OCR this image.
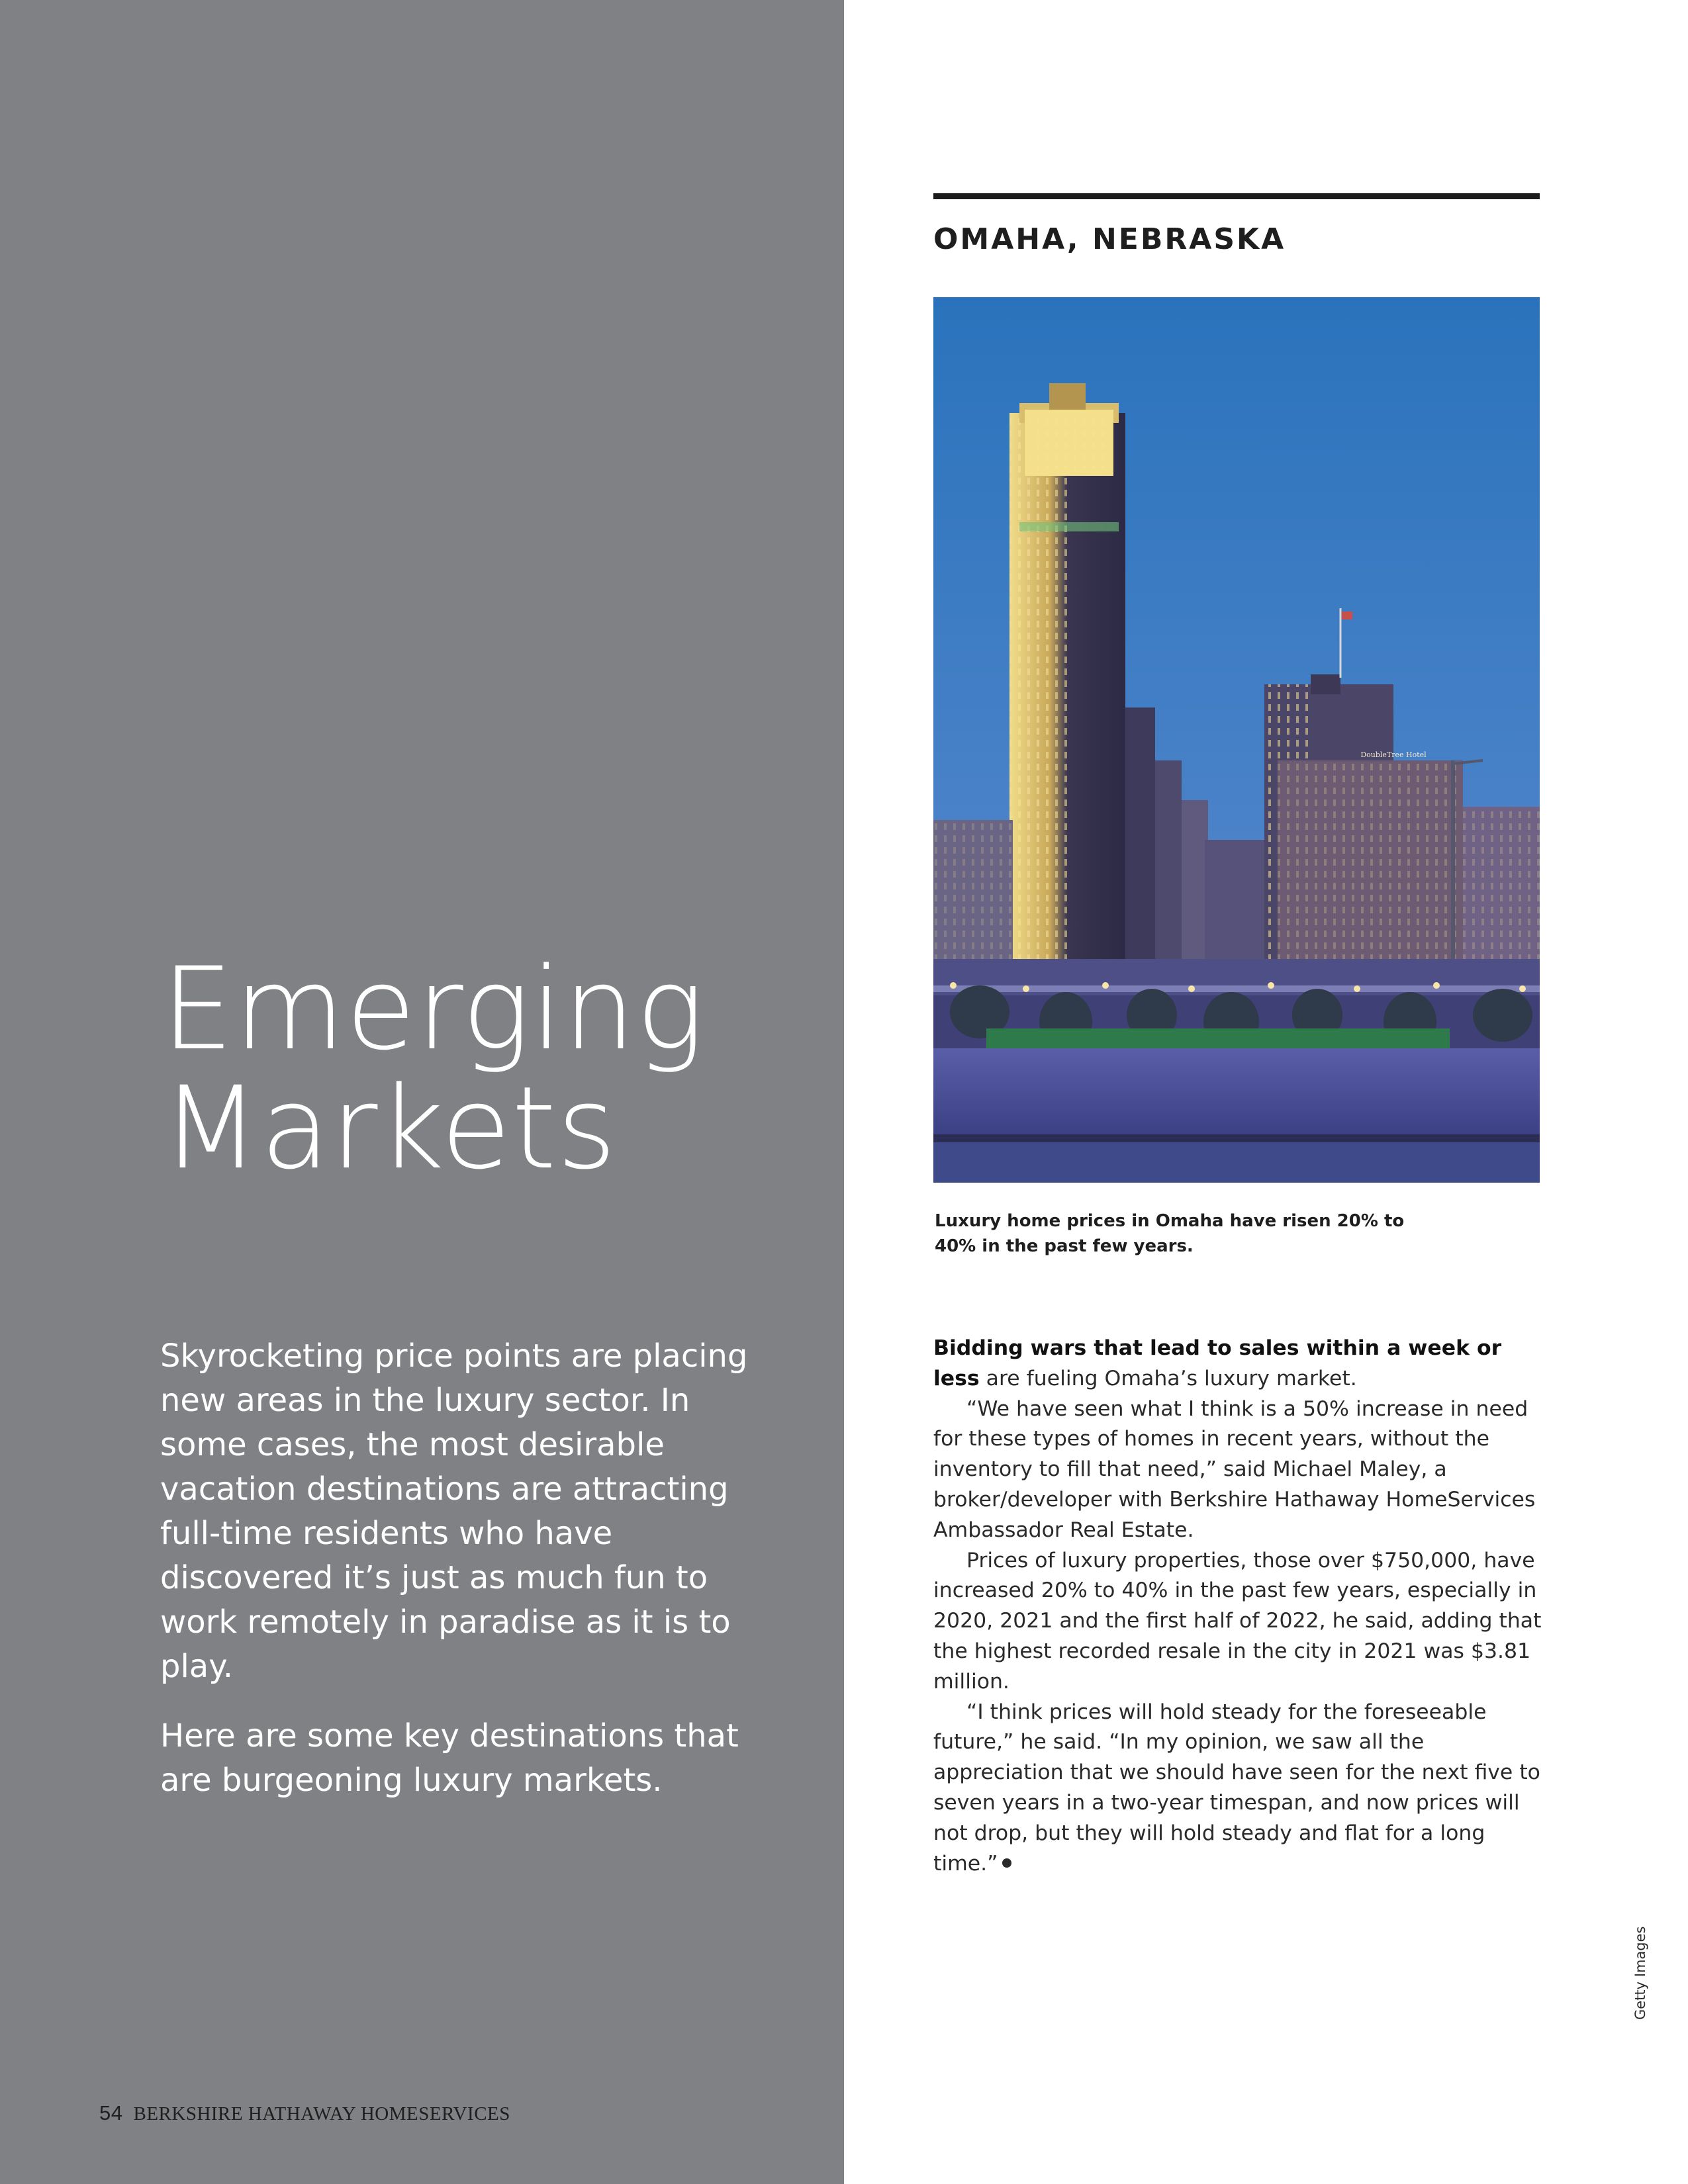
Emerging
Markets

Skyrocketing price points are placing new areas in the luxury sector. In some cases, the most desirable vacation destinations are attracting full-time residents who have discovered it’s just as much fun to work remotely in paradise as it is to play.

Here are some key destinations that are burgeoning luxury markets.

54 BERKSHIRE HATHAWAY HOMESERVICES
OMAHA, NEBRASKA
DoubleTree Hotel

Luxury home prices in Omaha have risen 20% to 40% in the past few years.

Bidding wars that lead to sales within a week or less are fueling Omaha’s luxury market.

“We have seen what I think is a 50% increase in need for these types of homes in recent years, without the inventory to fill that need,” said Michael Maley, a broker/developer with Berkshire Hathaway HomeServices Ambassador Real Estate.

Prices of luxury properties, those over $750,000, have increased 20% to 40% in the past few years, especially in 2020, 2021 and the first half of 2022, he said, adding that the highest recorded resale in the city in 2021 was $3.81 million.

“I think prices will hold steady for the foreseeable future,” he said. “In my opinion, we saw all the appreciation that we should have seen for the next five to seven years in a two-year timespan, and now prices will not drop, but they will hold steady and flat for a long time.”

Getty Images
